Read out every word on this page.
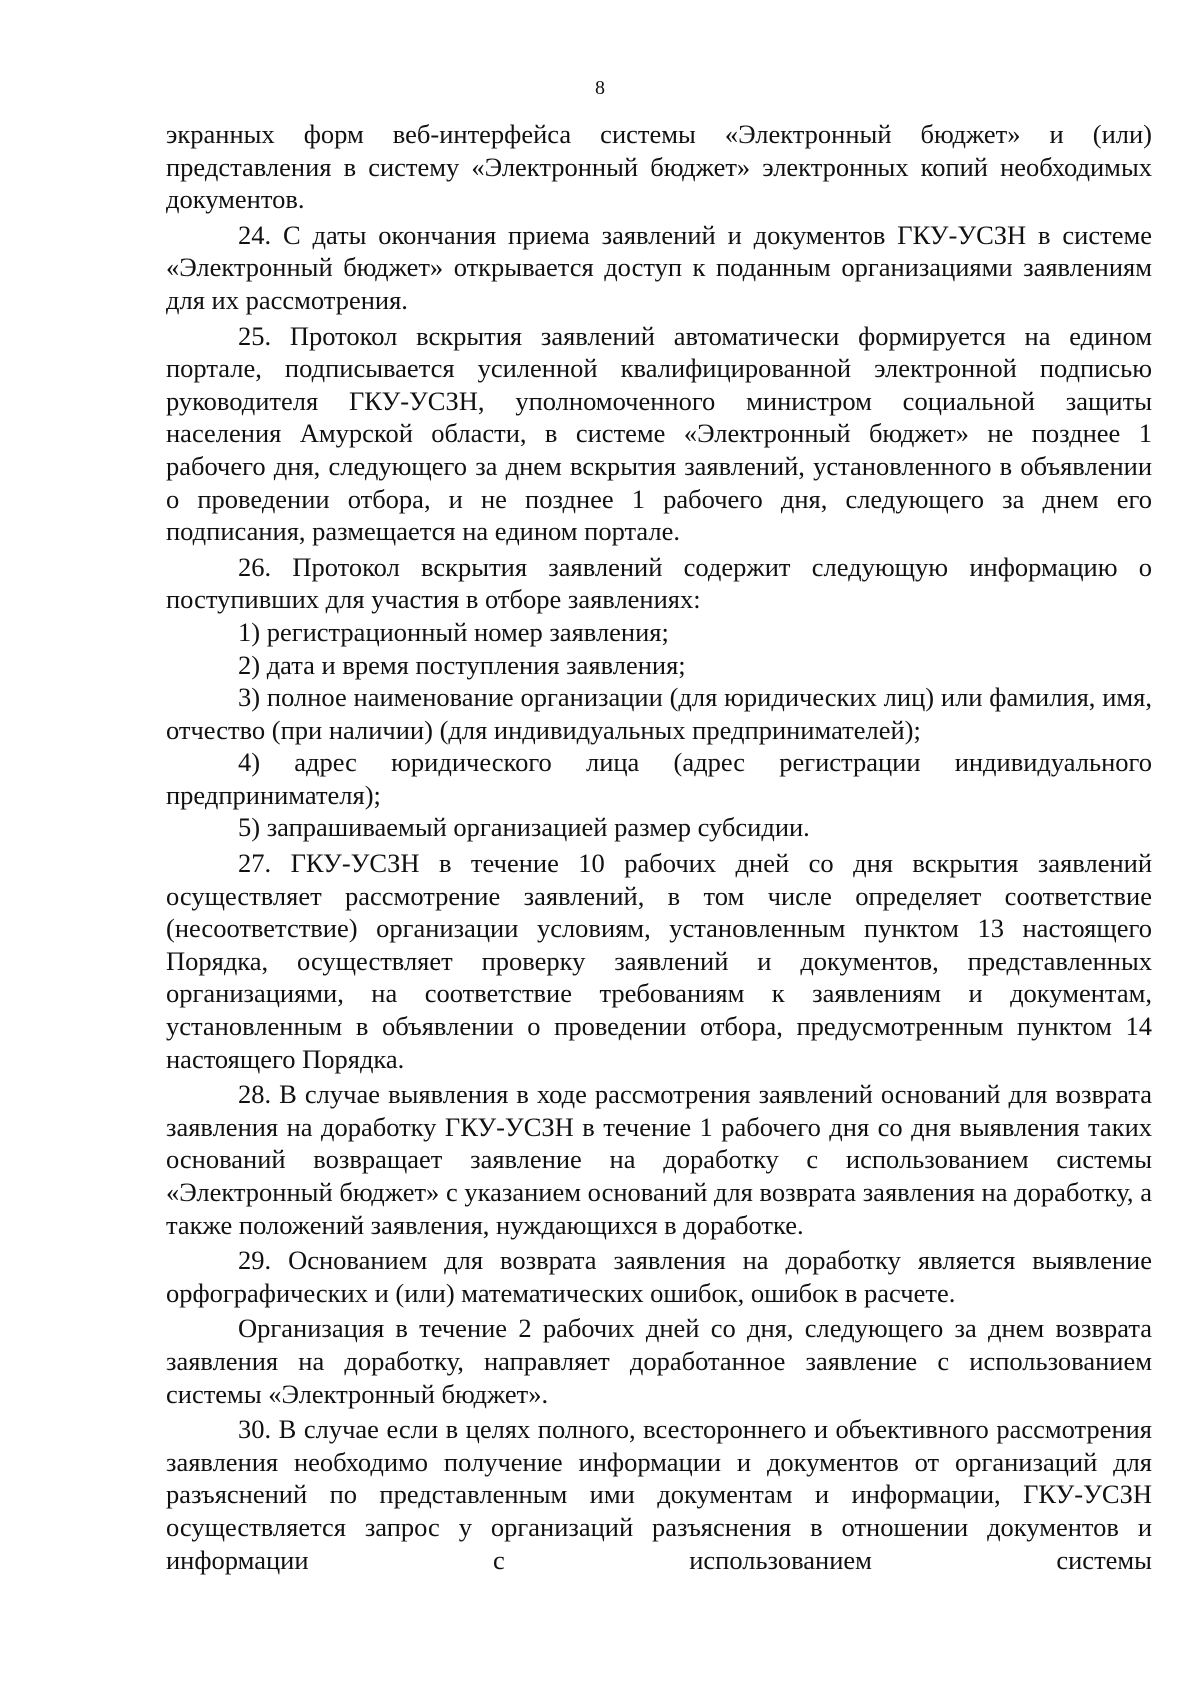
8

экранных форм веб-интерфейса системы «Электронный бюджет» и (или) представления в систему «Электронный бюджет» электронных копий необходимых документов.

24. С даты окончания приема заявлений и документов ГКУ-УСЗН в системе «Электронный бюджет» открывается доступ к поданным организациями заявлениям для их рассмотрения.

25. Протокол вскрытия заявлений автоматически формируется на едином портале, подписывается усиленной квалифицированной электронной подписью руководителя ГКУ-УСЗН, уполномоченного министром социальной защиты населения Амурской области, в системе «Электронный бюджет» не позднее 1 рабочего дня, следующего за днем вскрытия заявлений, установленного в объявлении о проведении отбора, и не позднее 1 рабочего дня, следующего за днем его подписания, размещается на едином портале.

26. Протокол вскрытия заявлений содержит следующую информацию о поступивших для участия в отборе заявлениях:

1) регистрационный номер заявления;

2) дата и время поступления заявления;

3) полное наименование организации (для юридических лиц) или фамилия, имя, отчество (при наличии) (для индивидуальных предпринимателей);

4) адрес юридического лица (адрес регистрации индивидуального предпринимателя);

5) запрашиваемый организацией размер субсидии.

27. ГКУ-УСЗН в течение 10 рабочих дней со дня вскрытия заявлений осуществляет рассмотрение заявлений, в том числе определяет соответствие (несоответствие) организации условиям, установленным пунктом 13 настоящего Порядка, осуществляет проверку заявлений и документов, представленных организациями, на соответствие требованиям к заявлениям и документам, установленным в объявлении о проведении отбора, предусмотренным пунктом 14 настоящего Порядка.

28. В случае выявления в ходе рассмотрения заявлений оснований для возврата заявления на доработку ГКУ-УСЗН в течение 1 рабочего дня со дня выявления таких оснований возвращает заявление на доработку с использованием системы «Электронный бюджет» с указанием оснований для возврата заявления на доработку, а также положений заявления, нуждающихся в доработке.

29. Основанием для возврата заявления на доработку является выявление орфографических и (или) математических ошибок, ошибок в расчете.

Организация в течение 2 рабочих дней со дня, следующего за днем возврата заявления на доработку, направляет доработанное заявление с использованием системы «Электронный бюджет».

30. В случае если в целях полного, всестороннего и объективного рассмотрения заявления необходимо получение информации и документов от организаций для разъяснений по представленным ими документам и информации, ГКУ-УСЗН осуществляется запрос у организаций разъяснения в отношении документов и информации с использованием системы
